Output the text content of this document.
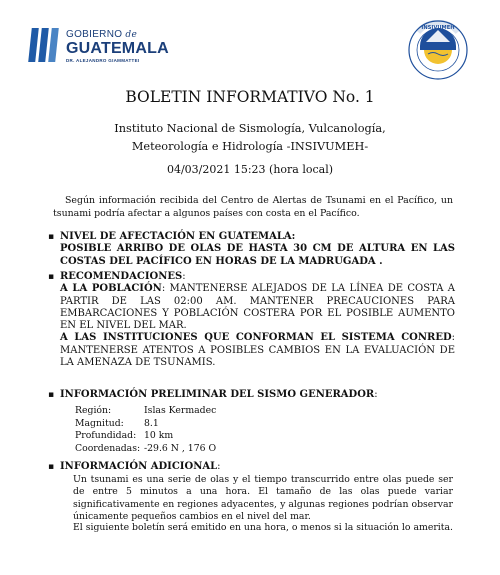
GOBIERNO de
GUATEMALA
DR. ALEJANDRO GIAMMATTEI
INSIVUMEH
BOLETIN INFORMATIVO No. 1
Instituto Nacional de Sismología, Vulcanología,
Meteorología e Hidrología -INSIVUMEH-
04/03/2021 15:23 (hora local)
Según información recibida del Centro de Alertas de Tsunami en el Pacífico, un tsunami podría afectar a algunos países con costa en el Pacífico.
▪ NIVEL DE AFECTACIÓN EN GUATEMALA:
POSIBLE ARRIBO DE OLAS DE HASTA 30 CM DE ALTURA EN LAS COSTAS DEL PACÍFICO EN HORAS DE LA MADRUGADA .
▪ RECOMENDACIONES:
A LA POBLACIÓN: MANTENERSE ALEJADOS DE LA LÍNEA DE COSTA A PARTIR DE LAS 02:00 AM. MANTENER PRECAUCIONES PARA EMBARCACIONES Y POBLACIÓN COSTERA POR EL POSIBLE AUMENTO EN EL NIVEL DEL MAR.
A LAS INSTITUCIONES QUE CONFORMAN EL SISTEMA CONRED: MANTENERSE ATENTOS A POSIBLES CAMBIOS EN LA EVALUACIÓN DE LA AMENAZA DE TSUNAMIS.
▪ INFORMACIÓN PRELIMINAR DEL SISMO GENERADOR:
Región:	Islas Kermadec
Magnitud:	8.1
Profundidad: 10 km
Coordenadas: -29.6 N , 176 O
▪ INFORMACIÓN ADICIONAL:
Un tsunami es una serie de olas y el tiempo transcurrido entre olas puede ser de entre 5 minutos a una hora. El tamaño de las olas puede variar significativamente en regiones adyacentes, y algunas regiones podrían observar únicamente pequeños cambios en el nivel del mar.
El siguiente boletín será emitido en una hora, o menos si la situación lo amerita.
